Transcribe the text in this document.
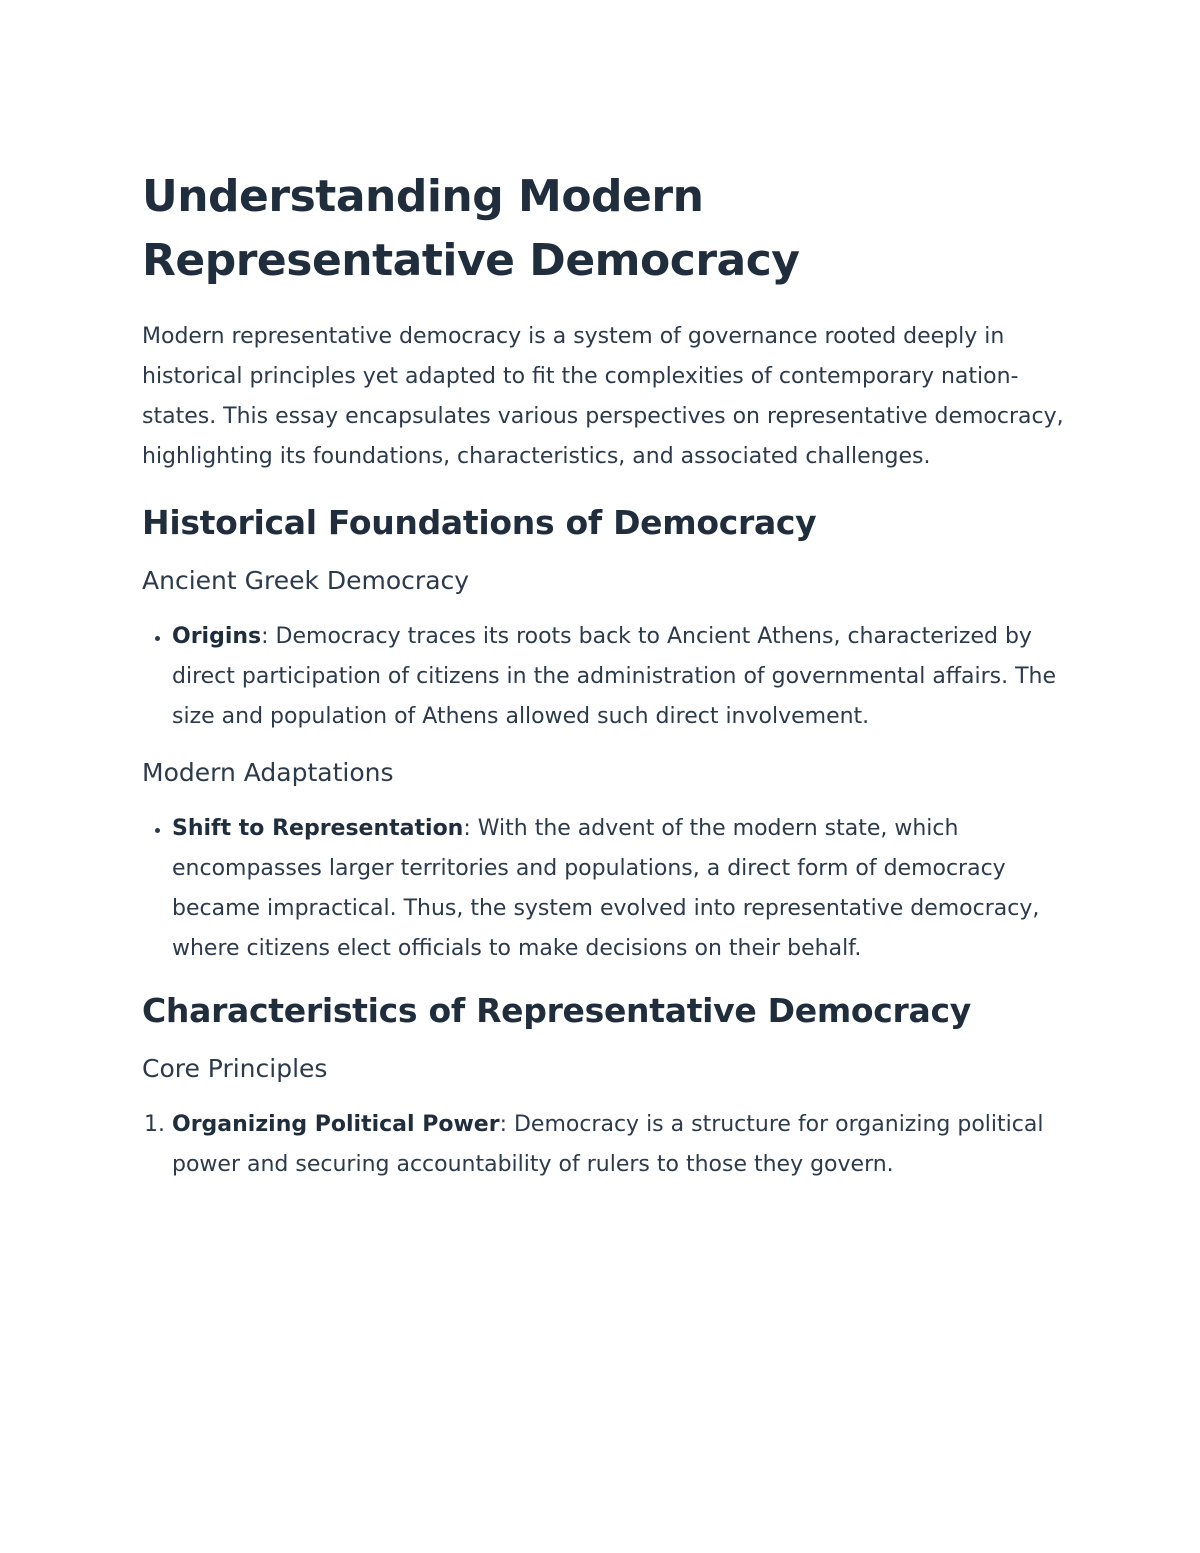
Understanding Modern Representative Democracy

Modern representative democracy is a system of governance rooted deeply in historical principles yet adapted to fit the complexities of contemporary nation-states. This essay encapsulates various perspectives on representative democracy, highlighting its foundations, characteristics, and associated challenges.

Historical Foundations of Democracy
Ancient Greek Democracy
• Origins: Democracy traces its roots back to Ancient Athens, characterized by direct participation of citizens in the administration of governmental affairs. The size and population of Athens allowed such direct involvement.
Modern Adaptations
• Shift to Representation: With the advent of the modern state, which encompasses larger territories and populations, a direct form of democracy became impractical. Thus, the system evolved into representative democracy, where citizens elect officials to make decisions on their behalf.
Characteristics of Representative Democracy
Core Principles
1. Organizing Political Power: Democracy is a structure for organizing political power and securing accountability of rulers to those they govern.
